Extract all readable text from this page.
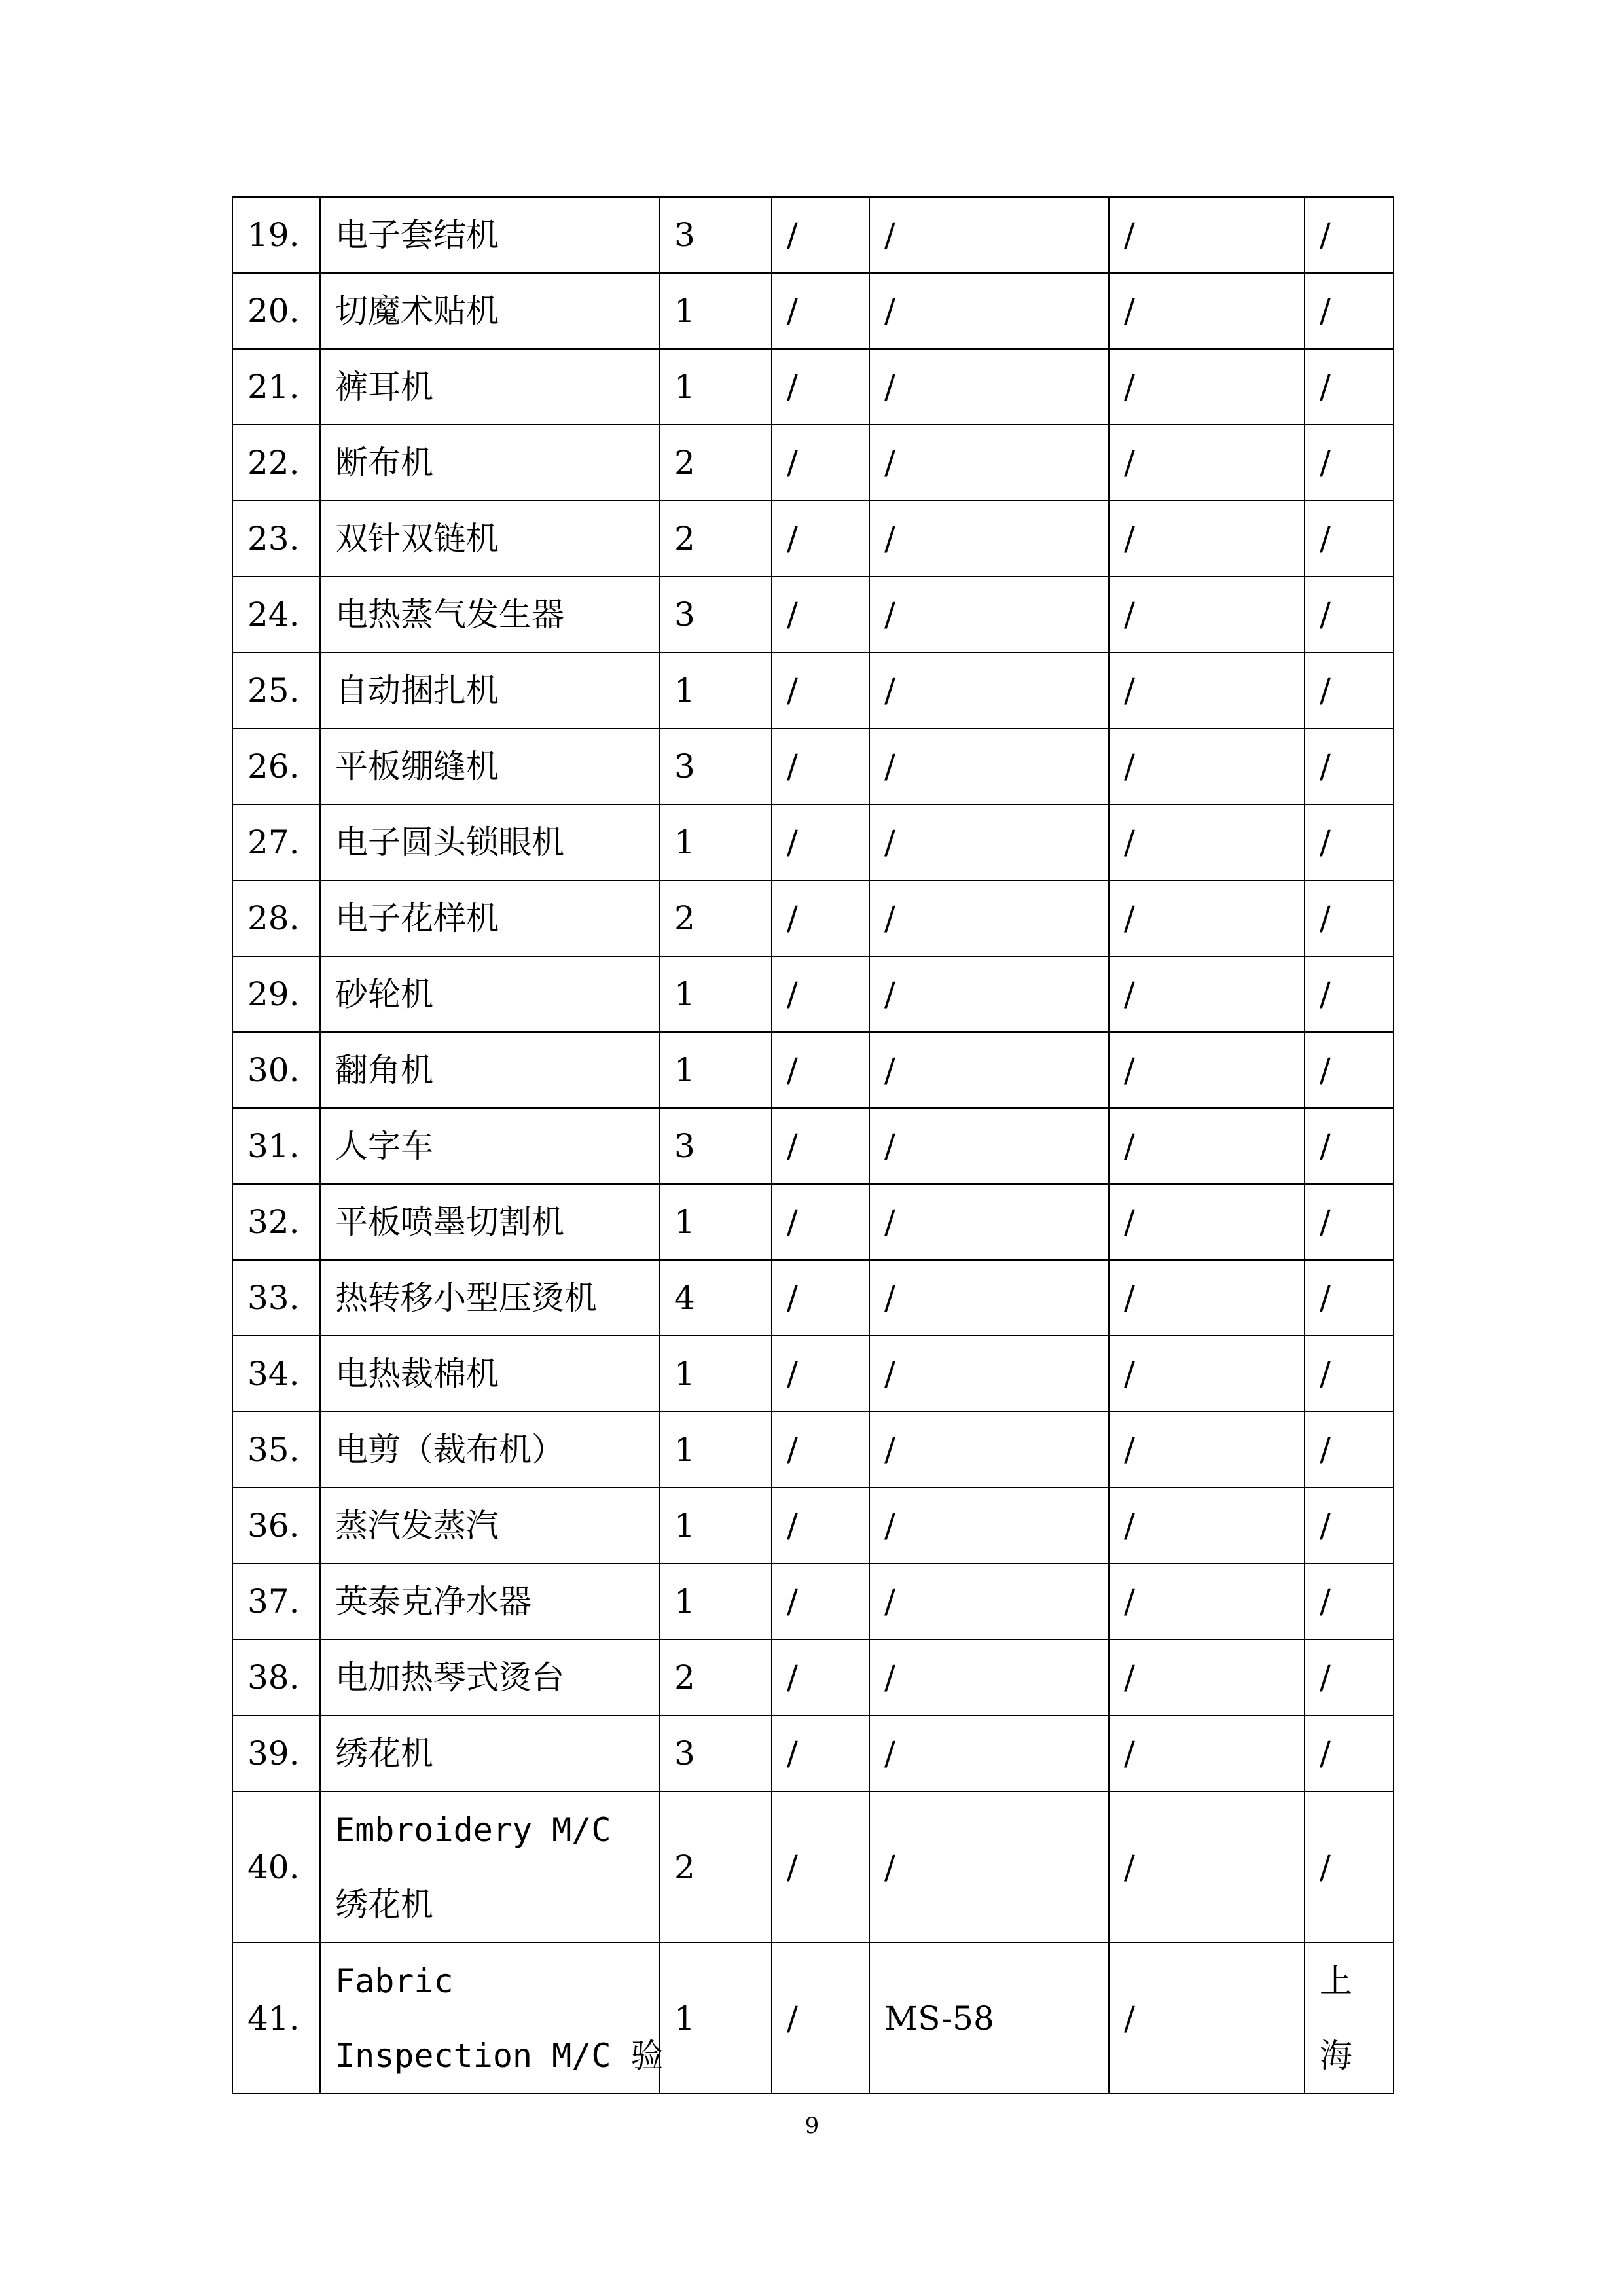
19.	电子套结机	3	/	/	/	/
20.	切魔术贴机	1	/	/	/	/
21.	裤耳机	1	/	/	/	/
22.	断布机	2	/	/	/	/
23.	双针双链机	2	/	/	/	/
24.	电热蒸气发生器	3	/	/	/	/
25.	自动捆扎机	1	/	/	/	/
26.	平板绷缝机	3	/	/	/	/
27.	电子圆头锁眼机	1	/	/	/	/
28.	电子花样机	2	/	/	/	/
29.	砂轮机	1	/	/	/	/
30.	翻角机	1	/	/	/	/
31.	人字车	3	/	/	/	/
32.	平板喷墨切割机	1	/	/	/	/
33.	热转移小型压烫机	4	/	/	/	/
34.	电热裁棉机	1	/	/	/	/
35.	电剪（裁布机）	1	/	/	/	/
36.	蒸汽发蒸汽	1	/	/	/	/
37.	英泰克净水器	1	/	/	/	/
38.	电加热琴式烫台	2	/	/	/	/
39.	绣花机	3	/	/	/	/
40.	Embroidery M/C
绣花机	2	/	/	/	/
41.	Fabric
Inspection M/C 验	1	/	MS-58	/	上
海
9
